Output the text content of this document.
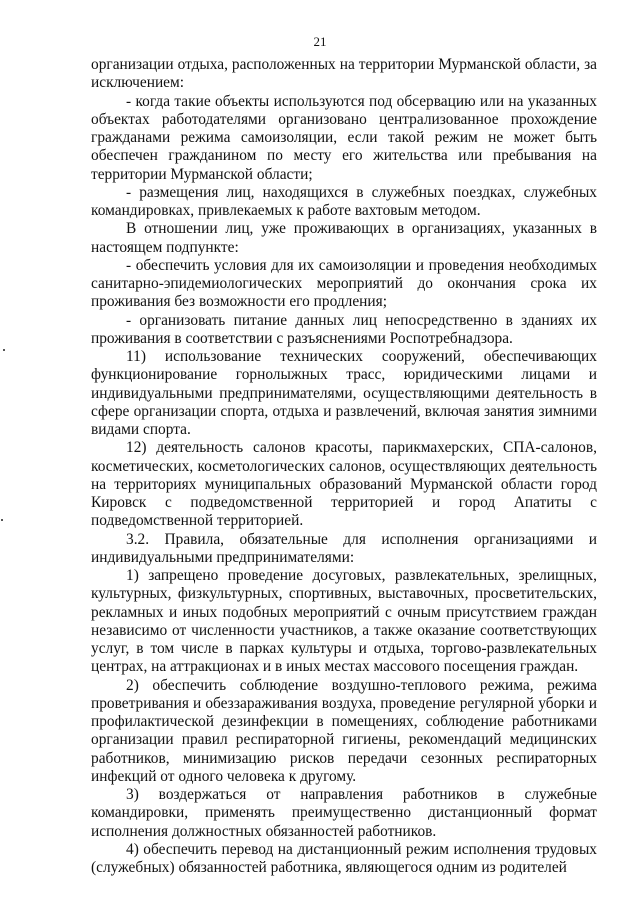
21

организации отдыха, расположенных на территории Мурманской области, за исключением:

- когда такие объекты используются под обсервацию или на указанных объектах работодателями организовано централизованное прохождение гражданами режима самоизоляции, если такой режим не может быть обеспечен гражданином по месту его жительства или пребывания на территории Мурманской области;

- размещения лиц, находящихся в служебных поездках, служебных командировках, привлекаемых к работе вахтовым методом.

В отношении лиц, уже проживающих в организациях, указанных в настоящем подпункте:

- обеспечить условия для их самоизоляции и проведения необходимых санитарно-эпидемиологических мероприятий до окончания срока их проживания без возможности его продления;

- организовать питание данных лиц непосредственно в зданиях их проживания в соответствии с разъяснениями Роспотребнадзора.

11) использование технических сооружений, обеспечивающих функционирование горнолыжных трасс, юридическими лицами и индивидуальными предпринимателями, осуществляющими деятельность в сфере организации спорта, отдыха и развлечений, включая занятия зимними видами спорта.

12) деятельность салонов красоты, парикмахерских, СПА-салонов, косметических, косметологических салонов, осуществляющих деятельность на территориях муниципальных образований Мурманской области город Кировск с подведомственной территорией и город Апатиты с подведомственной территорией.

3.2. Правила, обязательные для исполнения организациями и индивидуальными предпринимателями:

1) запрещено проведение досуговых, развлекательных, зрелищных, культурных, физкультурных, спортивных, выставочных, просветительских, рекламных и иных подобных мероприятий с очным присутствием граждан независимо от численности участников, а также оказание соответствующих услуг, в том числе в парках культуры и отдыха, торгово-развлекательных центрах, на аттракционах и в иных местах массового посещения граждан.

2) обеспечить соблюдение воздушно-теплового режима, режима проветривания и обеззараживания воздуха, проведение регулярной уборки и профилактической дезинфекции в помещениях, соблюдение работниками организации правил респираторной гигиены, рекомендаций медицинских работников, минимизацию рисков передачи сезонных респираторных инфекций от одного человека к другому.

3) воздержаться от направления работников в служебные командировки, применять преимущественно дистанционный формат исполнения должностных обязанностей работников.

4) обеспечить перевод на дистанционный режим исполнения трудовых (служебных) обязанностей работника, являющегося одним из родителей
